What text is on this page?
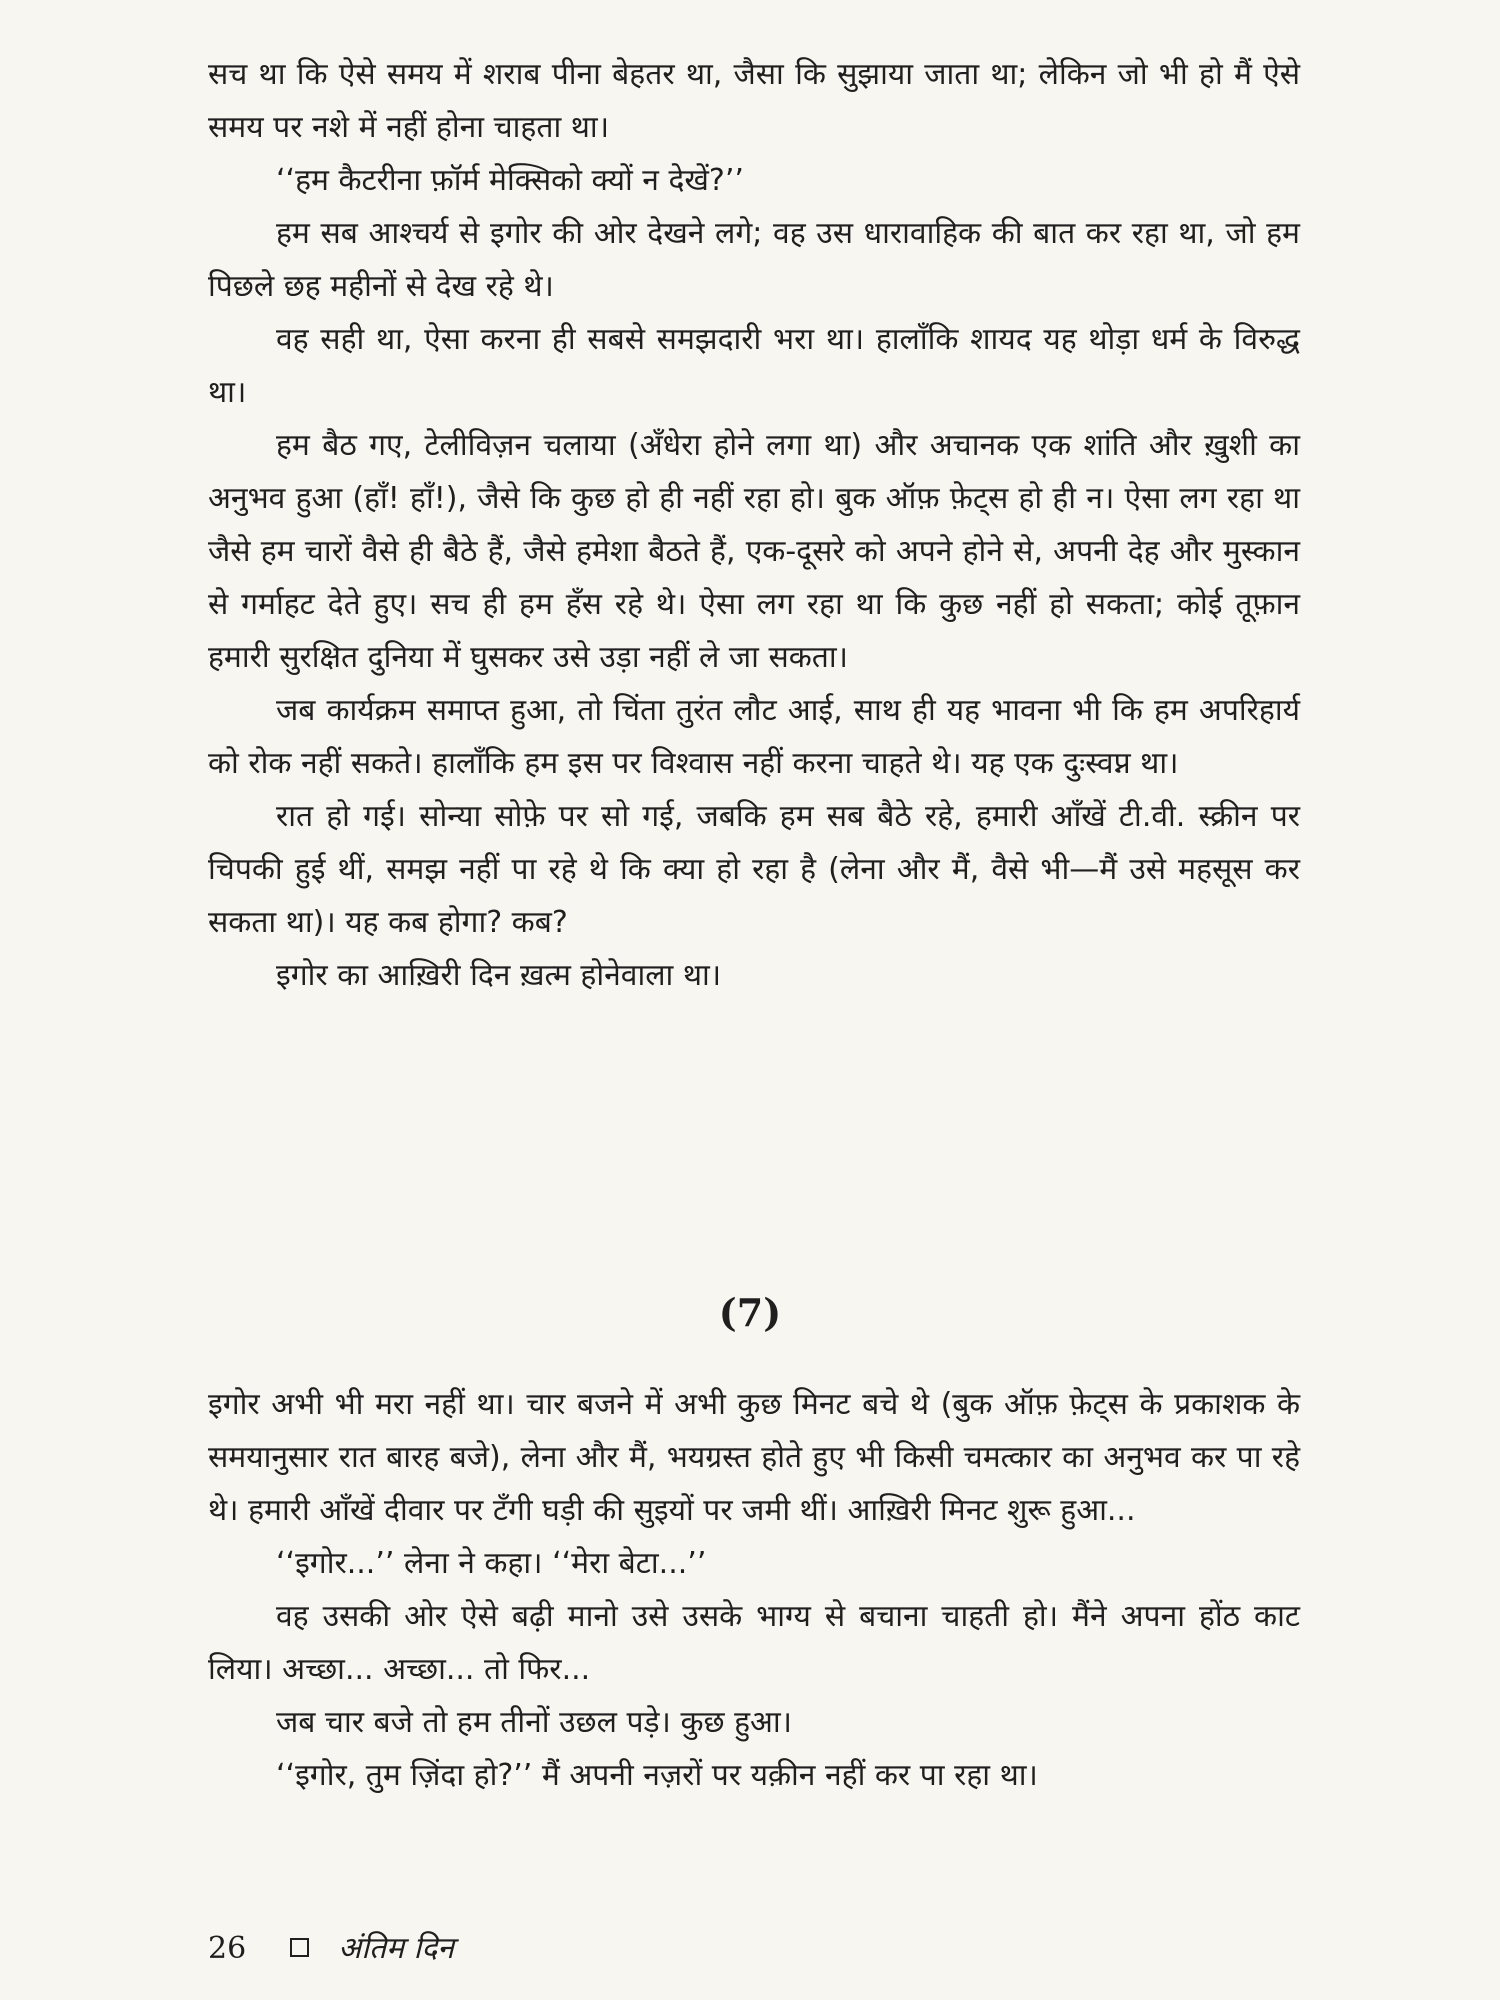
सच था कि ऐसे समय में शराब पीना बेहतर था, जैसा कि सुझाया जाता था; लेकिन जो भी हो मैं ऐसे समय पर नशे में नहीं होना चाहता था।

‘‘हम कैटरीना फ़ॉर्म मेक्सिको क्यों न देखें?’’

हम सब आश्चर्य से इगोर की ओर देखने लगे; वह उस धारावाहिक की बात कर रहा था, जो हम पिछले छह महीनों से देख रहे थे।

वह सही था, ऐसा करना ही सबसे समझदारी भरा था। हालाँकि शायद यह थोड़ा धर्म के विरुद्ध था।

हम बैठ गए, टेलीविज़न चलाया (अँधेरा होने लगा था) और अचानक एक शांति और ख़ुशी का अनुभव हुआ (हाँ! हाँ!), जैसे कि कुछ हो ही नहीं रहा हो। बुक ऑफ़ फ़ेट्स हो ही न। ऐसा लग रहा था जैसे हम चारों वैसे ही बैठे हैं, जैसे हमेशा बैठते हैं, एक-दूसरे को अपने होने से, अपनी देह और मुस्कान से गर्माहट देते हुए। सच ही हम हँस रहे थे। ऐसा लग रहा था कि कुछ नहीं हो सकता; कोई तूफ़ान हमारी सुरक्षित दुनिया में घुसकर उसे उड़ा नहीं ले जा सकता।

जब कार्यक्रम समाप्त हुआ, तो चिंता तुरंत लौट आई, साथ ही यह भावना भी कि हम अपरिहार्य को रोक नहीं सकते। हालाँकि हम इस पर विश्वास नहीं करना चाहते थे। यह एक दुःस्वप्न था।

रात हो गई। सोन्या सोफ़े पर सो गई, जबकि हम सब बैठे रहे, हमारी आँखें टी.वी. स्क्रीन पर चिपकी हुई थीं, समझ नहीं पा रहे थे कि क्या हो रहा है (लेना और मैं, वैसे भी—मैं उसे महसूस कर सकता था)। यह कब होगा? कब?

इगोर का आख़िरी दिन ख़त्म होनेवाला था।

(7)

इगोर अभी भी मरा नहीं था। चार बजने में अभी कुछ मिनट बचे थे (बुक ऑफ़ फ़ेट्स के प्रकाशक के समयानुसार रात बारह बजे), लेना और मैं, भयग्रस्त होते हुए भी किसी चमत्कार का अनुभव कर पा रहे थे। हमारी आँखें दीवार पर टँगी घड़ी की सुइयों पर जमी थीं। आख़िरी मिनट शुरू हुआ...

‘‘इगोर...’’ लेना ने कहा। ‘‘मेरा बेटा...’’

वह उसकी ओर ऐसे बढ़ी मानो उसे उसके भाग्य से बचाना चाहती हो। मैंने अपना होंठ काट लिया। अच्छा... अच्छा... तो फिर...

जब चार बजे तो हम तीनों उछल पड़े। कुछ हुआ।

‘‘इगोर, तुम ज़िंदा हो?’’ मैं अपनी नज़रों पर यक़ीन नहीं कर पा रहा था।

26	अंतिम दिन
